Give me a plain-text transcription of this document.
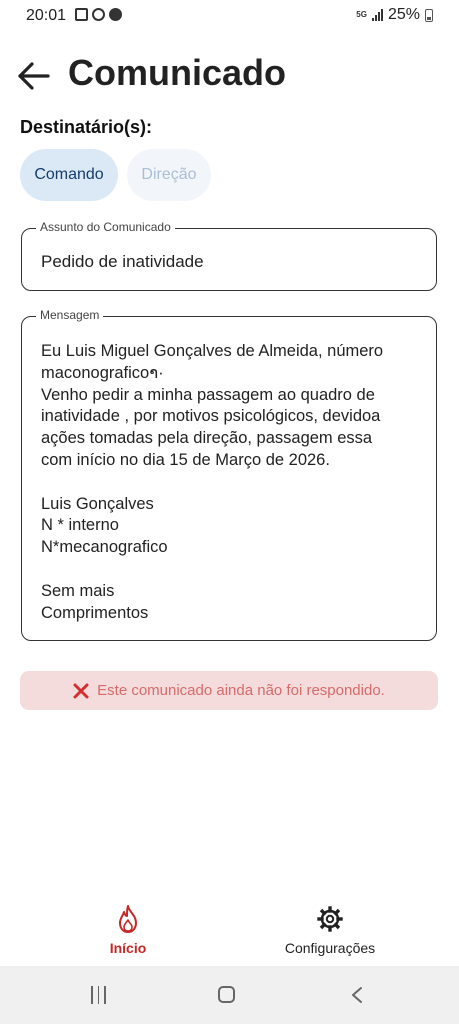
20:01	5G 25%
Comunicado
Destinatário(s):
Comando Direção
Assunto do Comunicado
Pedido de inatividade
Mensagem
Eu Luis Miguel Gonçalves de Almeida, número
maconograficoາ·
Venho pedir a minha passagem ao quadro de
inatividade , por motivos psicológicos, devidoa
ações tomadas pela direção, passagem essa
com início no dia 15 de Março de 2026.
Luis Gonçalves
N * interno
N*mecanografico
Sem mais
Comprimentos
Este comunicado ainda não foi respondido.
Início	Configurações
